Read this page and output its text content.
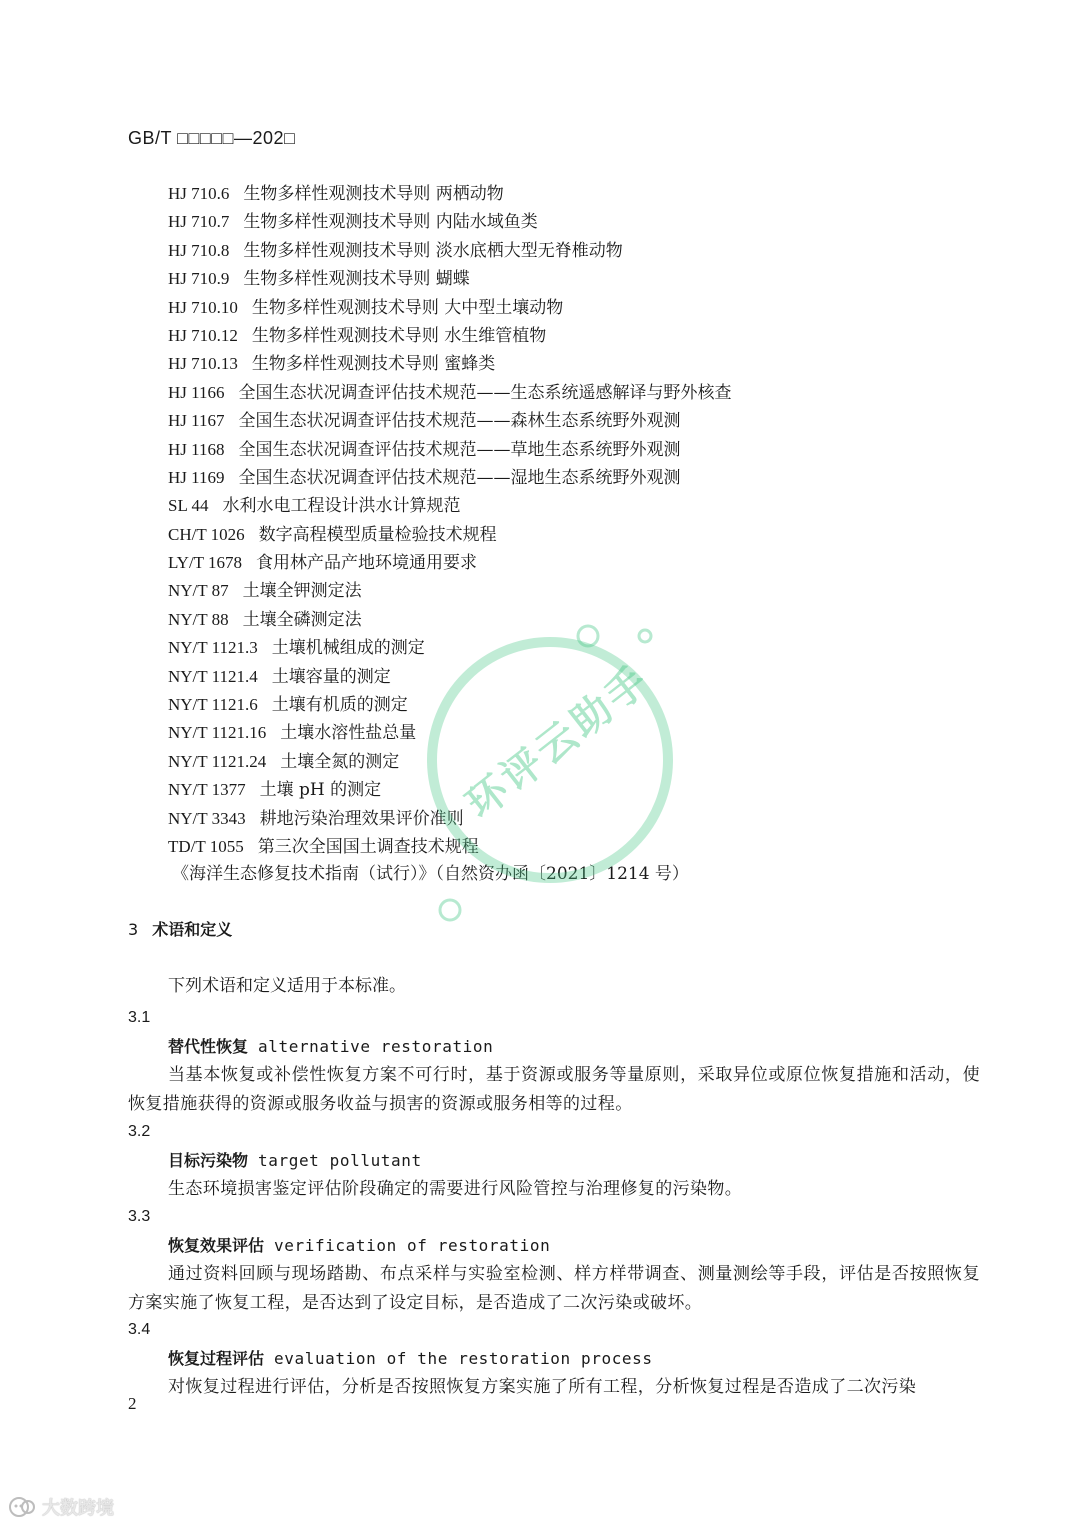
GB/T □□□□□—202□
HJ 710.6 生物多样性观测技术导则 两栖动物
HJ 710.7 生物多样性观测技术导则 内陆水域鱼类
HJ 710.8 生物多样性观测技术导则 淡水底栖大型无脊椎动物
HJ 710.9 生物多样性观测技术导则 蝴蝶
HJ 710.10 生物多样性观测技术导则 大中型土壤动物
HJ 710.12 生物多样性观测技术导则 水生维管植物
HJ 710.13 生物多样性观测技术导则 蜜蜂类
HJ 1166 全国生态状况调查评估技术规范——生态系统遥感解译与野外核查
HJ 1167 全国生态状况调查评估技术规范——森林生态系统野外观测
HJ 1168 全国生态状况调查评估技术规范——草地生态系统野外观测
HJ 1169 全国生态状况调查评估技术规范——湿地生态系统野外观测
SL 44 水利水电工程设计洪水计算规范
CH/T 1026 数字高程模型质量检验技术规程
LY/T 1678 食用林产品产地环境通用要求
NY/T 87 土壤全钾测定法
NY/T 88 土壤全磷测定法
NY/T 1121.3 土壤机械组成的测定
NY/T 1121.4 土壤容量的测定
NY/T 1121.6 土壤有机质的测定
NY/T 1121.16 土壤水溶性盐总量
NY/T 1121.24 土壤全氮的测定
NY/T 1377 土壤 pH 的测定
NY/T 3343 耕地污染治理效果评价准则
TD/T 1055 第三次全国国土调查技术规程
《海洋生态修复技术指南（试行）》（自然资办函〔2021〕1214 号）
3 术语和定义
下列术语和定义适用于本标准。
3.1
替代性恢复 alternative restoration
当基本恢复或补偿性恢复方案不可行时，基于资源或服务等量原则，采取异位或原位恢复措施和活动，使恢复措施获得的资源或服务收益与损害的资源或服务相等的过程。
3.2
目标污染物 target pollutant
生态环境损害鉴定评估阶段确定的需要进行风险管控与治理修复的污染物。
3.3
恢复效果评估 verification of restoration
通过资料回顾与现场踏勘、布点采样与实验室检测、样方样带调查、测量测绘等手段，评估是否按照恢复方案实施了恢复工程，是否达到了设定目标，是否造成了二次污染或破坏。
3.4
恢复过程评估 evaluation of the restoration process
对恢复过程进行评估，分析是否按照恢复方案实施了所有工程，分析恢复过程是否造成了二次污染
2
环评云助手
大数跨境
